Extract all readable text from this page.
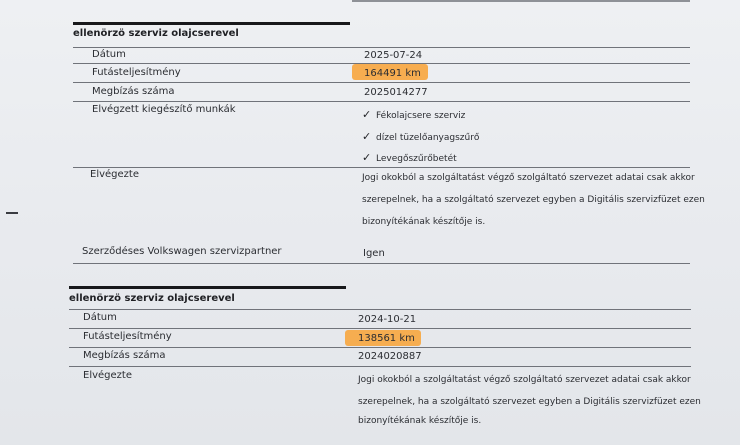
ellenörzö szerviz olajcserevel
Dátum	2025-07-24
Futásteljesítmény	164491 km
Megbízás száma	2025014277
Elvégzett kiegészítő munkák	✓ Fékolajcsere szerviz
✓ dízel tüzelőanyagszűrő
✓ Levegőszűrőbetét
Elvégezte	Jogi okokból a szolgáltatást végző szolgáltató szervezet adatai csak akkor
szerepelnek, ha a szolgáltató szervezet egyben a Digitális szervizfüzet ezen
bizonyítékának készítője is.
Szerződéses Volkswagen szervizpartner	Igen
ellenörzö szerviz olajcserevel
Dátum	2024-10-21
Futásteljesítmény	138561 km
Megbízás száma	2024020887
Elvégezte	Jogi okokból a szolgáltatást végző szolgáltató szervezet adatai csak akkor
szerepelnek, ha a szolgáltató szervezet egyben a Digitális szervizfüzet ezen
bizonyítékának készítője is.
